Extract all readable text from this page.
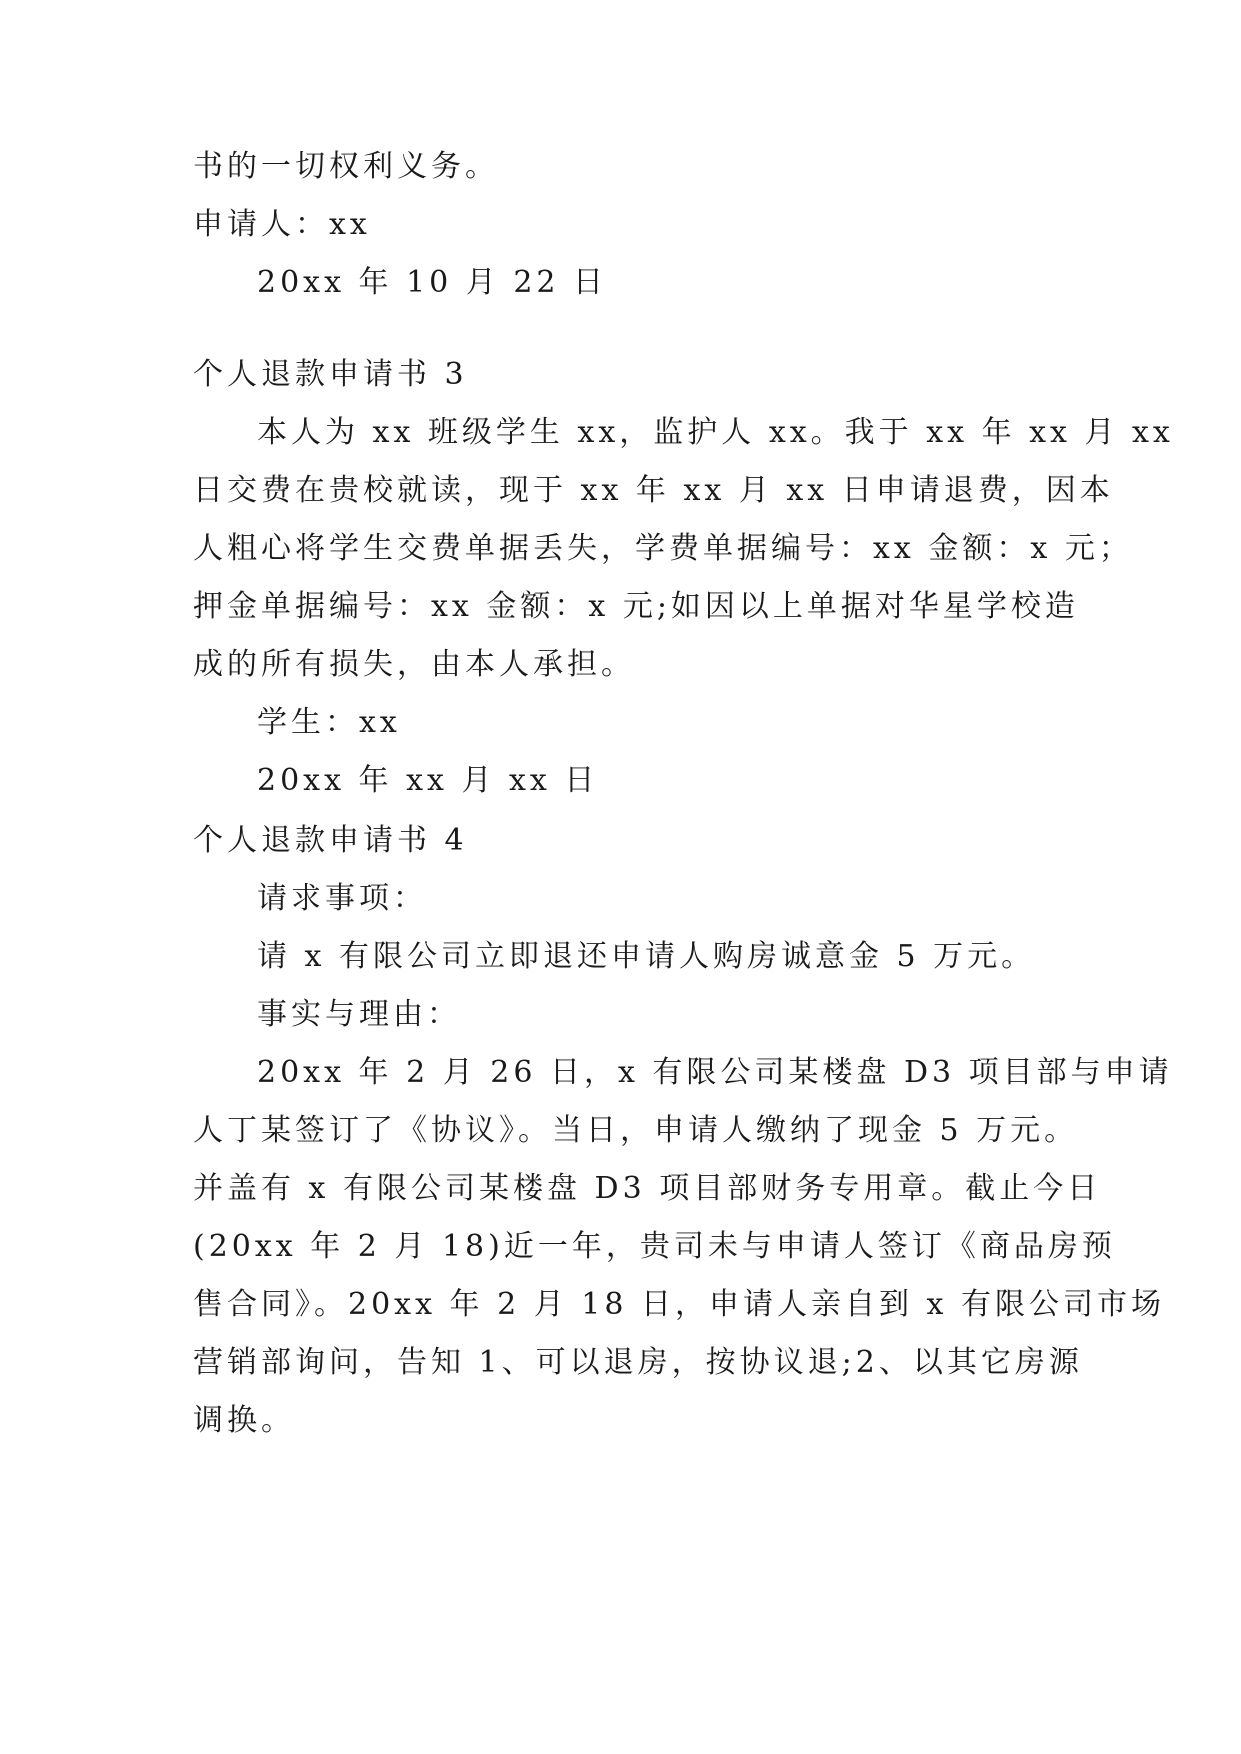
书的一切权利义务。
申请人：xx
20xx 年 10 月 22 日
个人退款申请书 3
本人为 xx 班级学生 xx，监护人 xx。我于 xx 年 xx 月 xx
日交费在贵校就读，现于 xx 年 xx 月 xx 日申请退费，因本
人粗心将学生交费单据丢失，学费单据编号：xx 金额：x 元；
押金单据编号：xx 金额：x 元;如因以上单据对华星学校造
成的所有损失，由本人承担。
学生：xx
20xx 年 xx 月 xx 日
个人退款申请书 4
请求事项：
请 x 有限公司立即退还申请人购房诚意金 5 万元。
事实与理由：
20xx 年 2 月 26 日，x 有限公司某楼盘 D3 项目部与申请
人丁某签订了《协议》。当日，申请人缴纳了现金 5 万元。
并盖有 x 有限公司某楼盘 D3 项目部财务专用章。截止今日
(20xx 年 2 月 18)近一年，贵司未与申请人签订《商品房预
售合同》。20xx 年 2 月 18 日，申请人亲自到 x 有限公司市场
营销部询问，告知 1、可以退房，按协议退;2、以其它房源
调换。
